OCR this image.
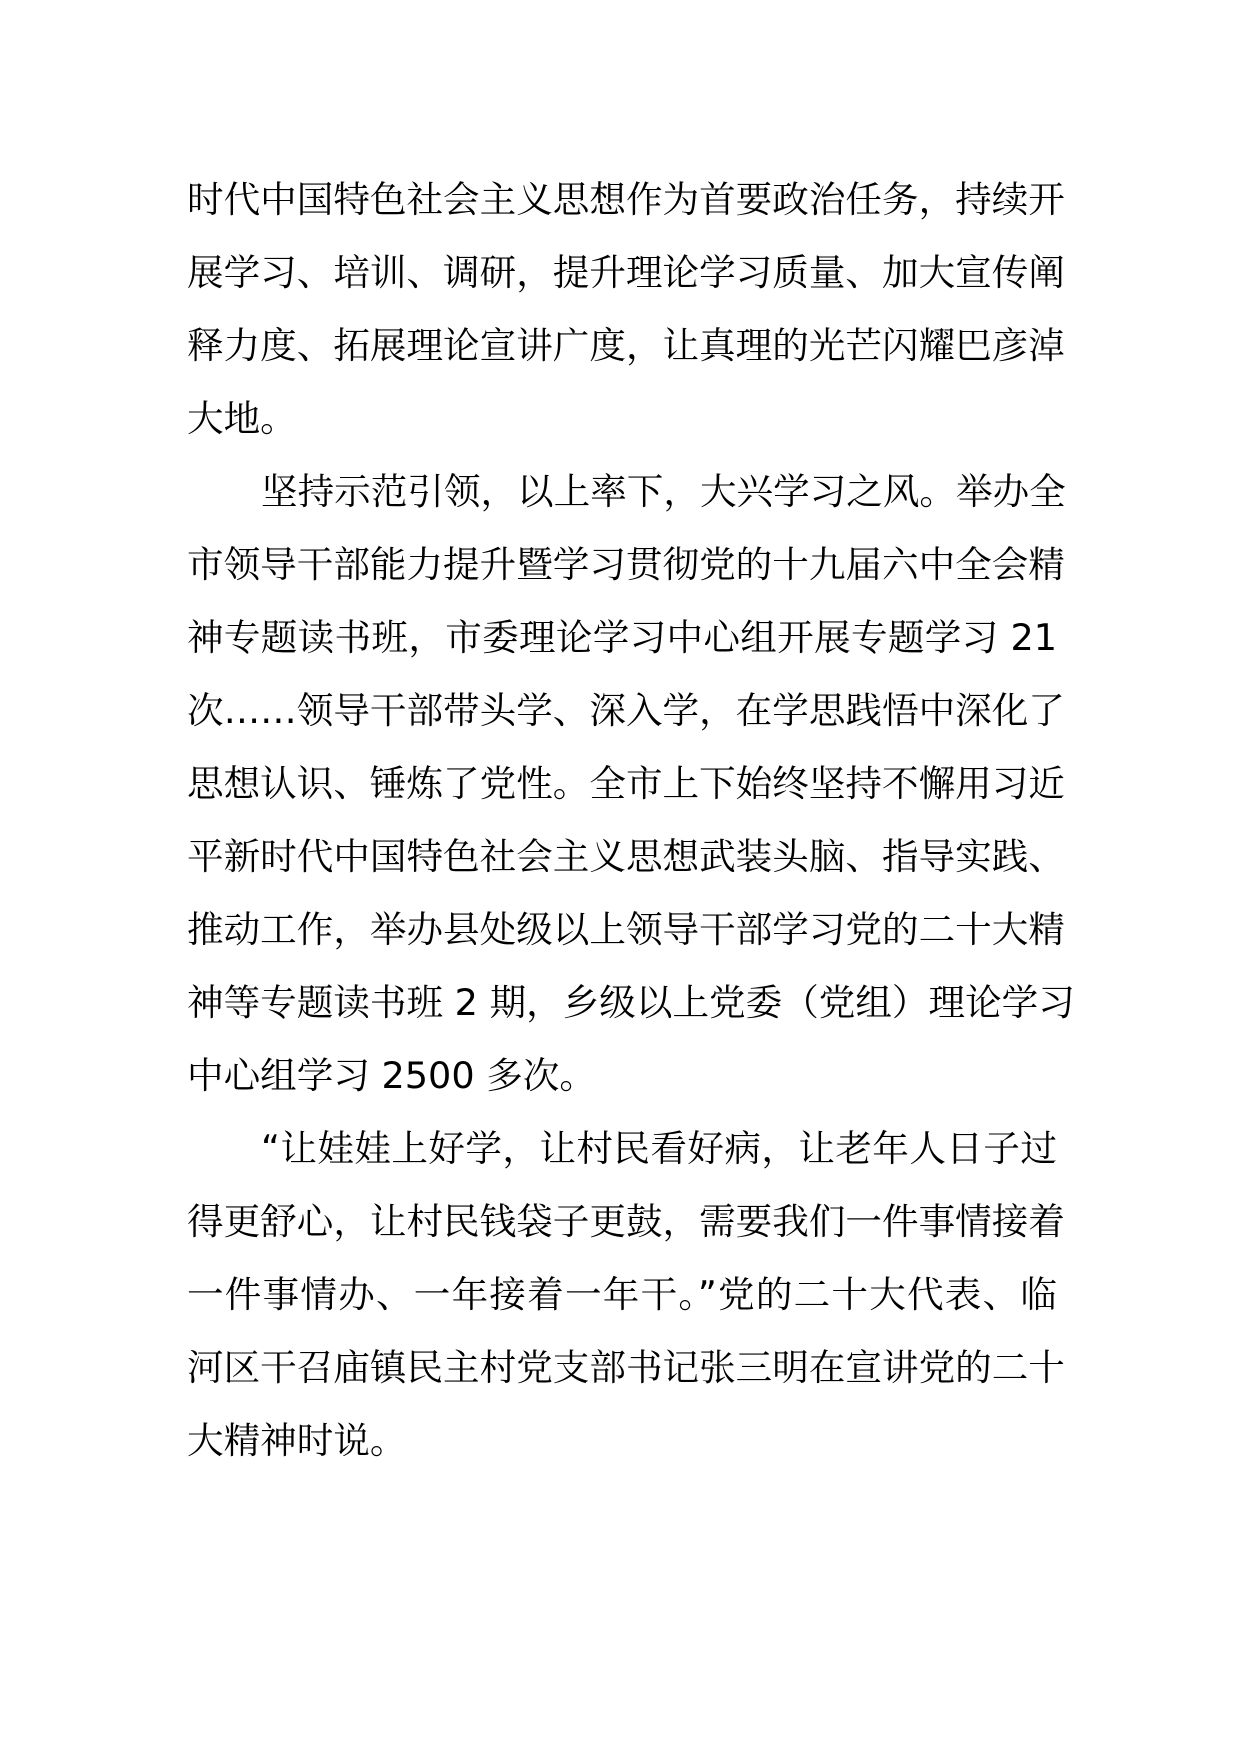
时代中国特色社会主义思想作为首要政治任务，持续开
展学习、培训、调研，提升理论学习质量、加大宣传阐
释力度、拓展理论宣讲广度，让真理的光芒闪耀巴彦淖
大地。
坚持示范引领，以上率下，大兴学习之风。举办全
市领导干部能力提升暨学习贯彻党的十九届六中全会精
神专题读书班，市委理论学习中心组开展专题学习 21
次……领导干部带头学、深入学，在学思践悟中深化了
思想认识、锤炼了党性。全市上下始终坚持不懈用习近
平新时代中国特色社会主义思想武装头脑、指导实践、
推动工作，举办县处级以上领导干部学习党的二十大精
神等专题读书班 2 期，乡级以上党委（党组）理论学习
中心组学习 2500 多次。
“让娃娃上好学，让村民看好病，让老年人日子过
得更舒心，让村民钱袋子更鼓，需要我们一件事情接着
一件事情办、一年接着一年干。”党的二十大代表、临
河区干召庙镇民主村党支部书记张三明在宣讲党的二十
大精神时说。
